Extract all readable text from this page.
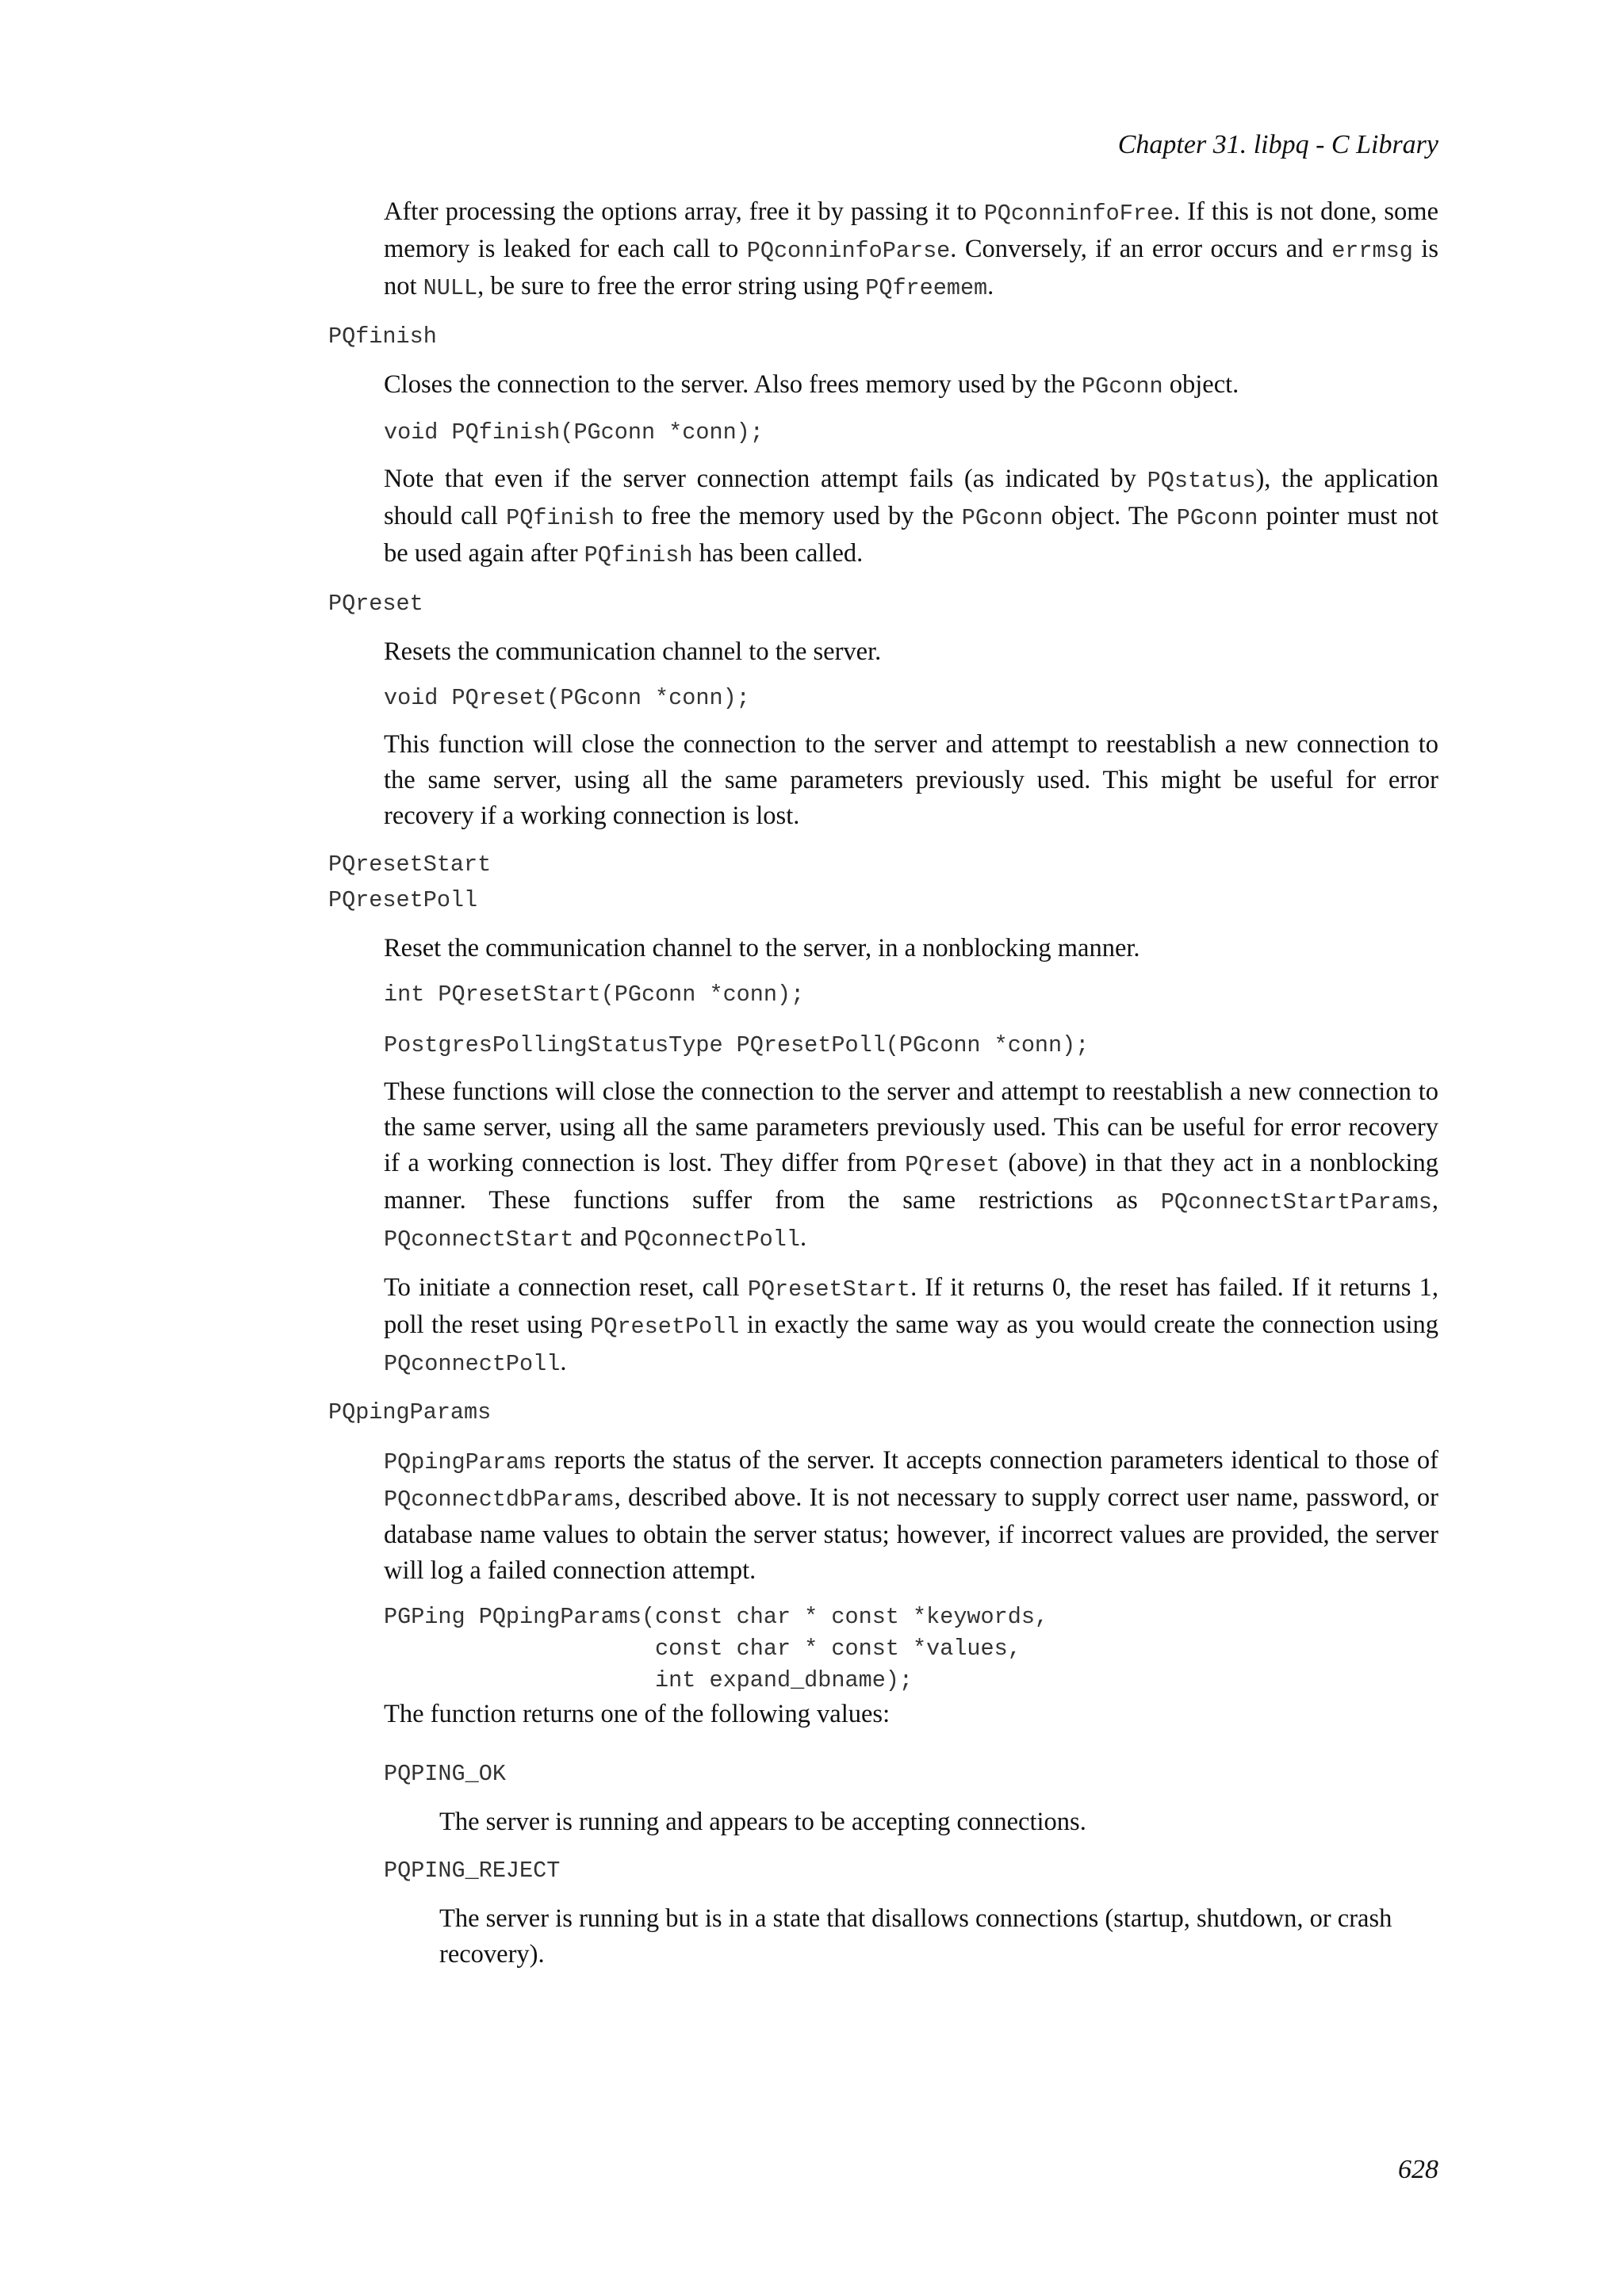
Chapter 31. libpq - C Library

After processing the options array, free it by passing it to PQconninfoFree. If this is not done, some memory is leaked for each call to PQconninfoParse. Conversely, if an error occurs and errmsg is not NULL, be sure to free the error string using PQfreemem.

PQfinish

Closes the connection to the server. Also frees memory used by the PGconn object.

void PQfinish(PGconn *conn);

Note that even if the server connection attempt fails (as indicated by PQstatus), the application should call PQfinish to free the memory used by the PGconn object. The PGconn pointer must not be used again after PQfinish has been called.

PQreset

Resets the communication channel to the server.

void PQreset(PGconn *conn);

This function will close the connection to the server and attempt to reestablish a new connection to the same server, using all the same parameters previously used. This might be useful for error recovery if a working connection is lost.

PQresetStart
PQresetPoll

Reset the communication channel to the server, in a nonblocking manner.

int PQresetStart(PGconn *conn);
PostgresPollingStatusType PQresetPoll(PGconn *conn);

These functions will close the connection to the server and attempt to reestablish a new connection to the same server, using all the same parameters previously used. This can be useful for error recovery if a working connection is lost. They differ from PQreset (above) in that they act in a nonblocking manner. These functions suffer from the same restrictions as PQconnectStartParams, PQconnectStart and PQconnectPoll.

To initiate a connection reset, call PQresetStart. If it returns 0, the reset has failed. If it returns 1, poll the reset using PQresetPoll in exactly the same way as you would create the connection using PQconnectPoll.

PQpingParams

PQpingParams reports the status of the server. It accepts connection parameters identical to those of PQconnectdbParams, described above. It is not necessary to supply correct user name, password, or database name values to obtain the server status; however, if incorrect values are provided, the server will log a failed connection attempt.

PGPing PQpingParams(const char * const *keywords,
const char * const *values,
int expand_dbname);

The function returns one of the following values:

PQPING_OK

The server is running and appears to be accepting connections.

PQPING_REJECT

The server is running but is in a state that disallows connections (startup, shutdown, or crash recovery).

628
